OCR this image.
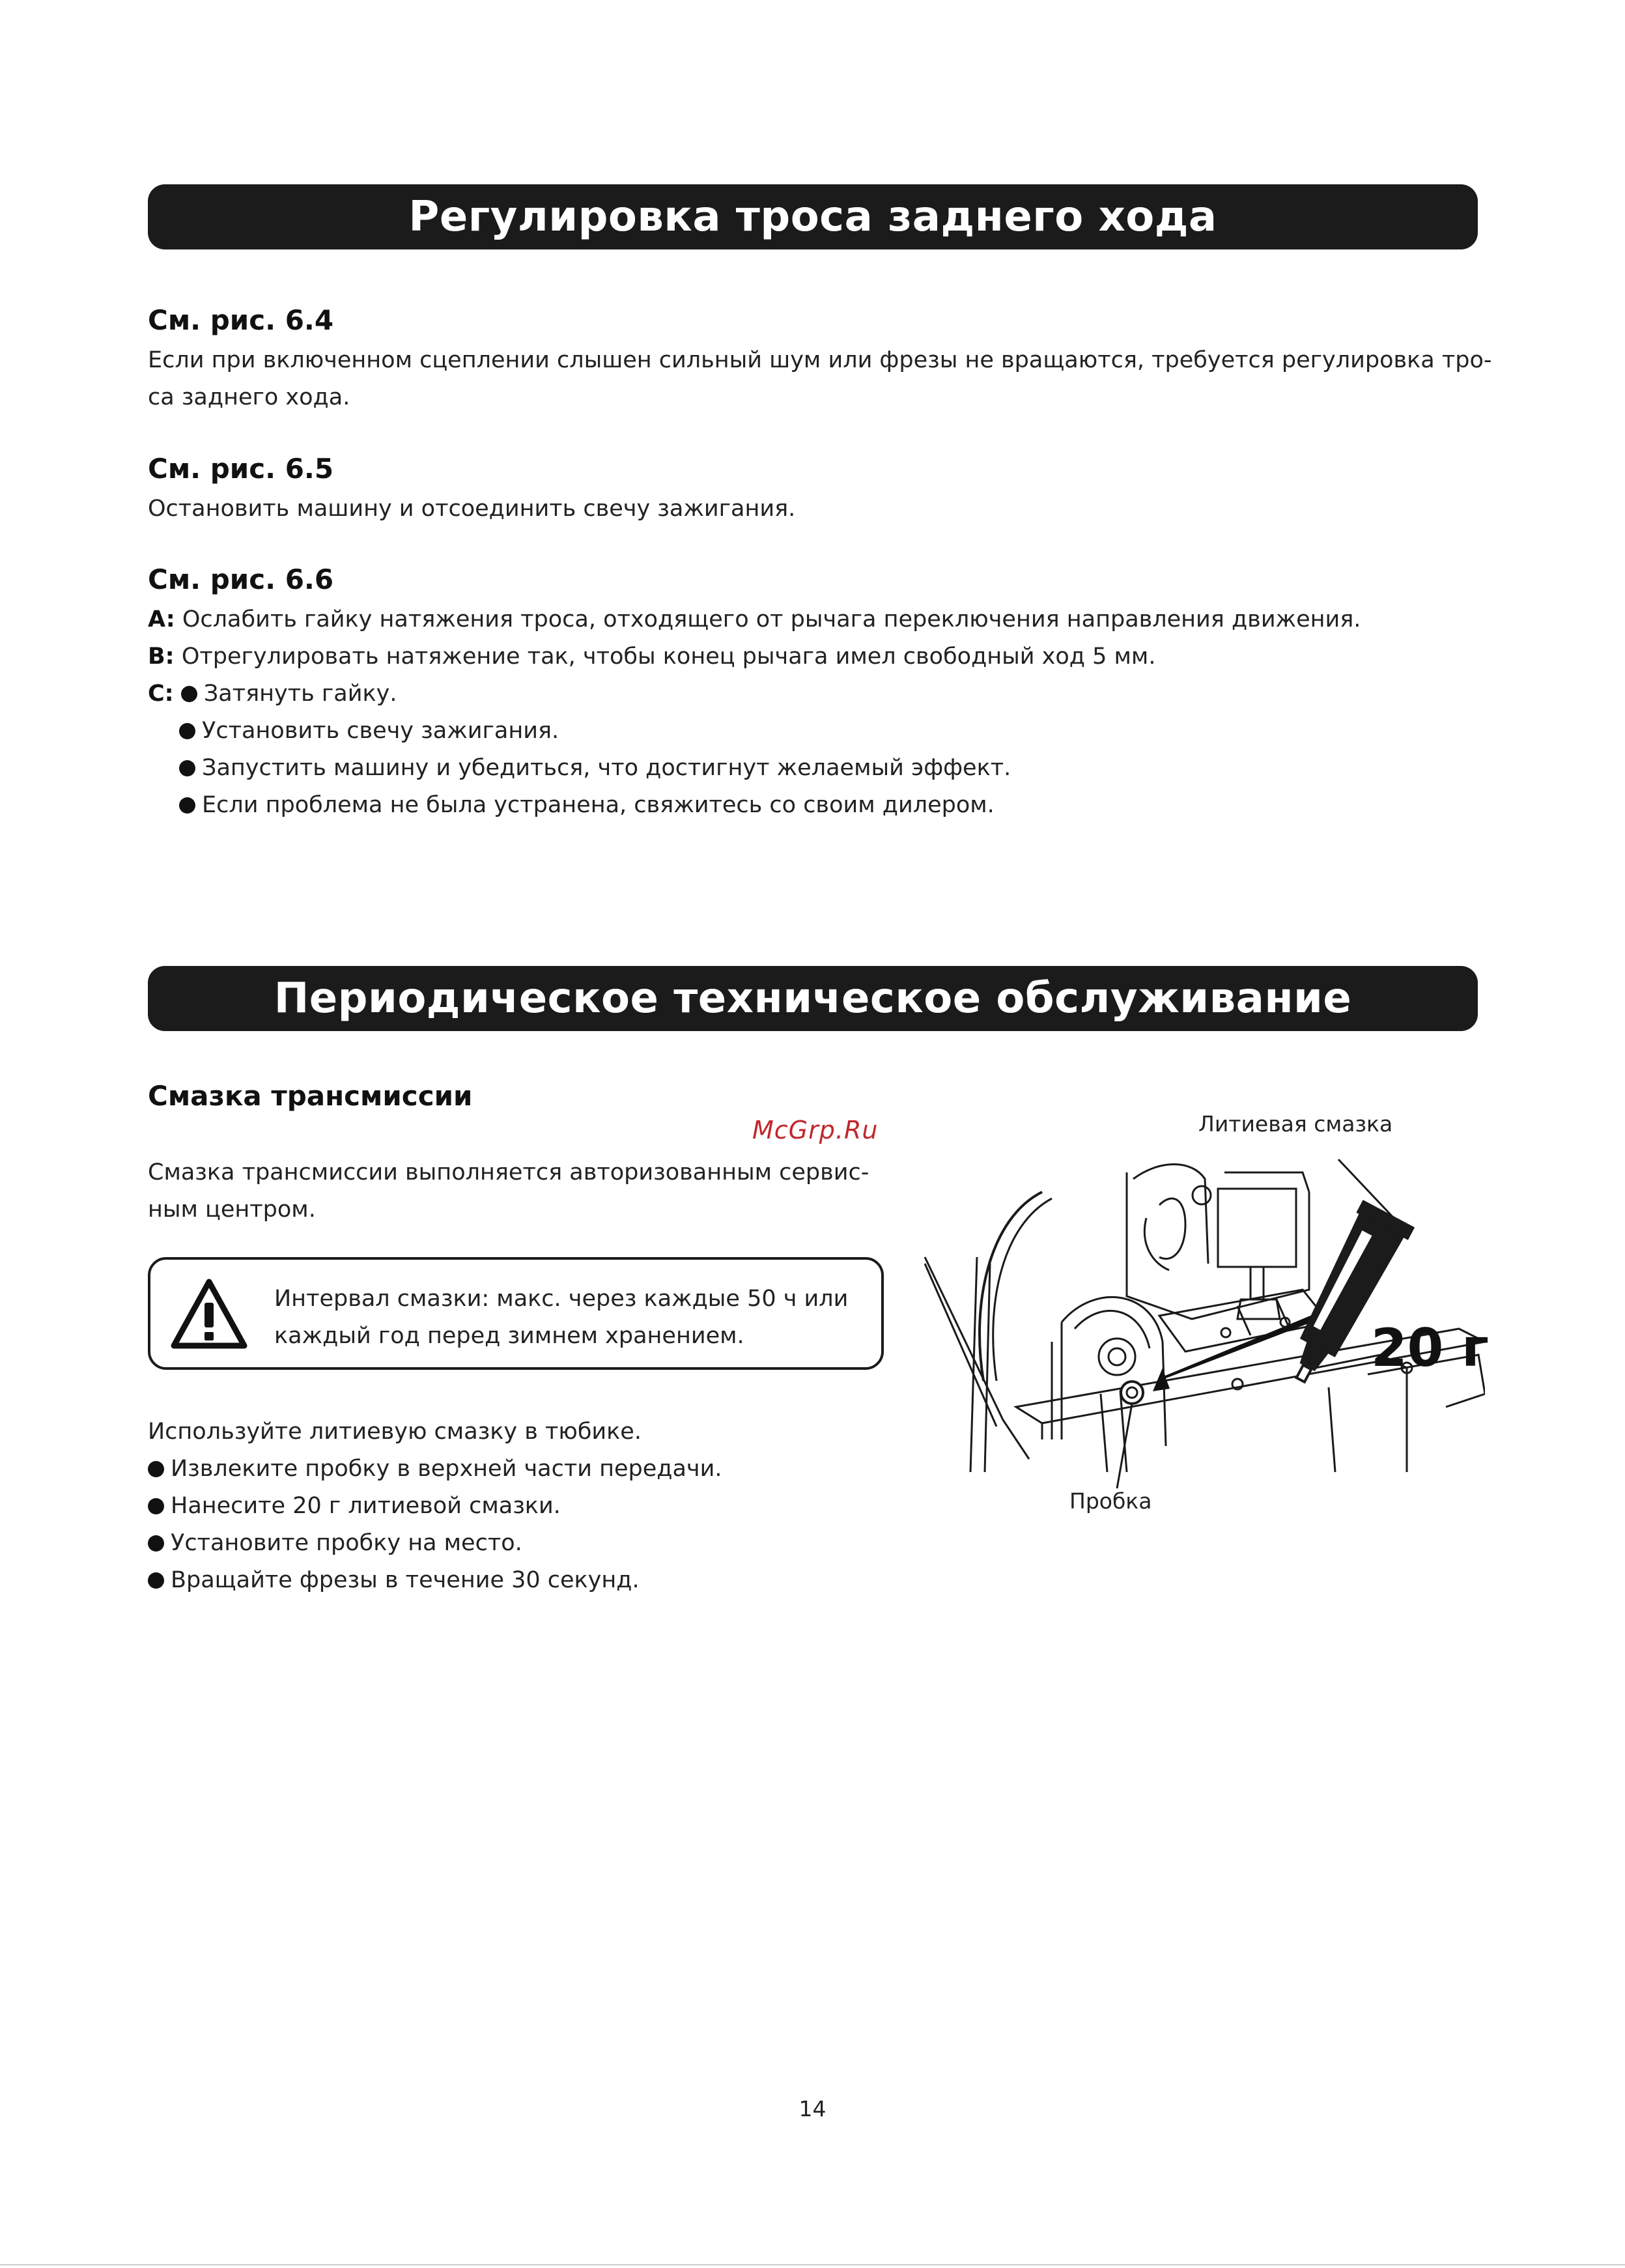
Регулировка троса заднего хода
См. рис. 6.4
Если при включенном сцеплении слышен сильный шум или фрезы не вращаются, требуется регулировка тро-
са заднего хода.
См. рис. 6.5
Остановить машину и отсоединить свечу зажигания.
См. рис. 6.6
A: Ослабить гайку натяжения троса, отходящего от рычага переключения направления движения.
B: Отрегулировать натяжение так, чтобы конец рычага имел свободный ход 5 мм.
C: Затянуть гайку.
Установить свечу зажигания.
Запустить машину и убедиться, что достигнут желаемый эффект.
Если проблема не была устранена, свяжитесь со своим дилером.
Периодическое техническое обслуживание
Смазка трансмиссии
McGrp.Ru
Смазка трансмиссии выполняется авторизованным сервис-
ным центром.
Интервал смазки: макс. через каждые 50 ч или
каждый год перед зимнем хранением.
Используйте литиевую смазку в тюбике.
Извлеките пробку в верхней части передачи.
Нанесите 20 г литиевой смазки.
Установите пробку на место.
Вращайте фрезы в течение 30 секунд.
Литиевая смазка
20 г
Пробка
14
